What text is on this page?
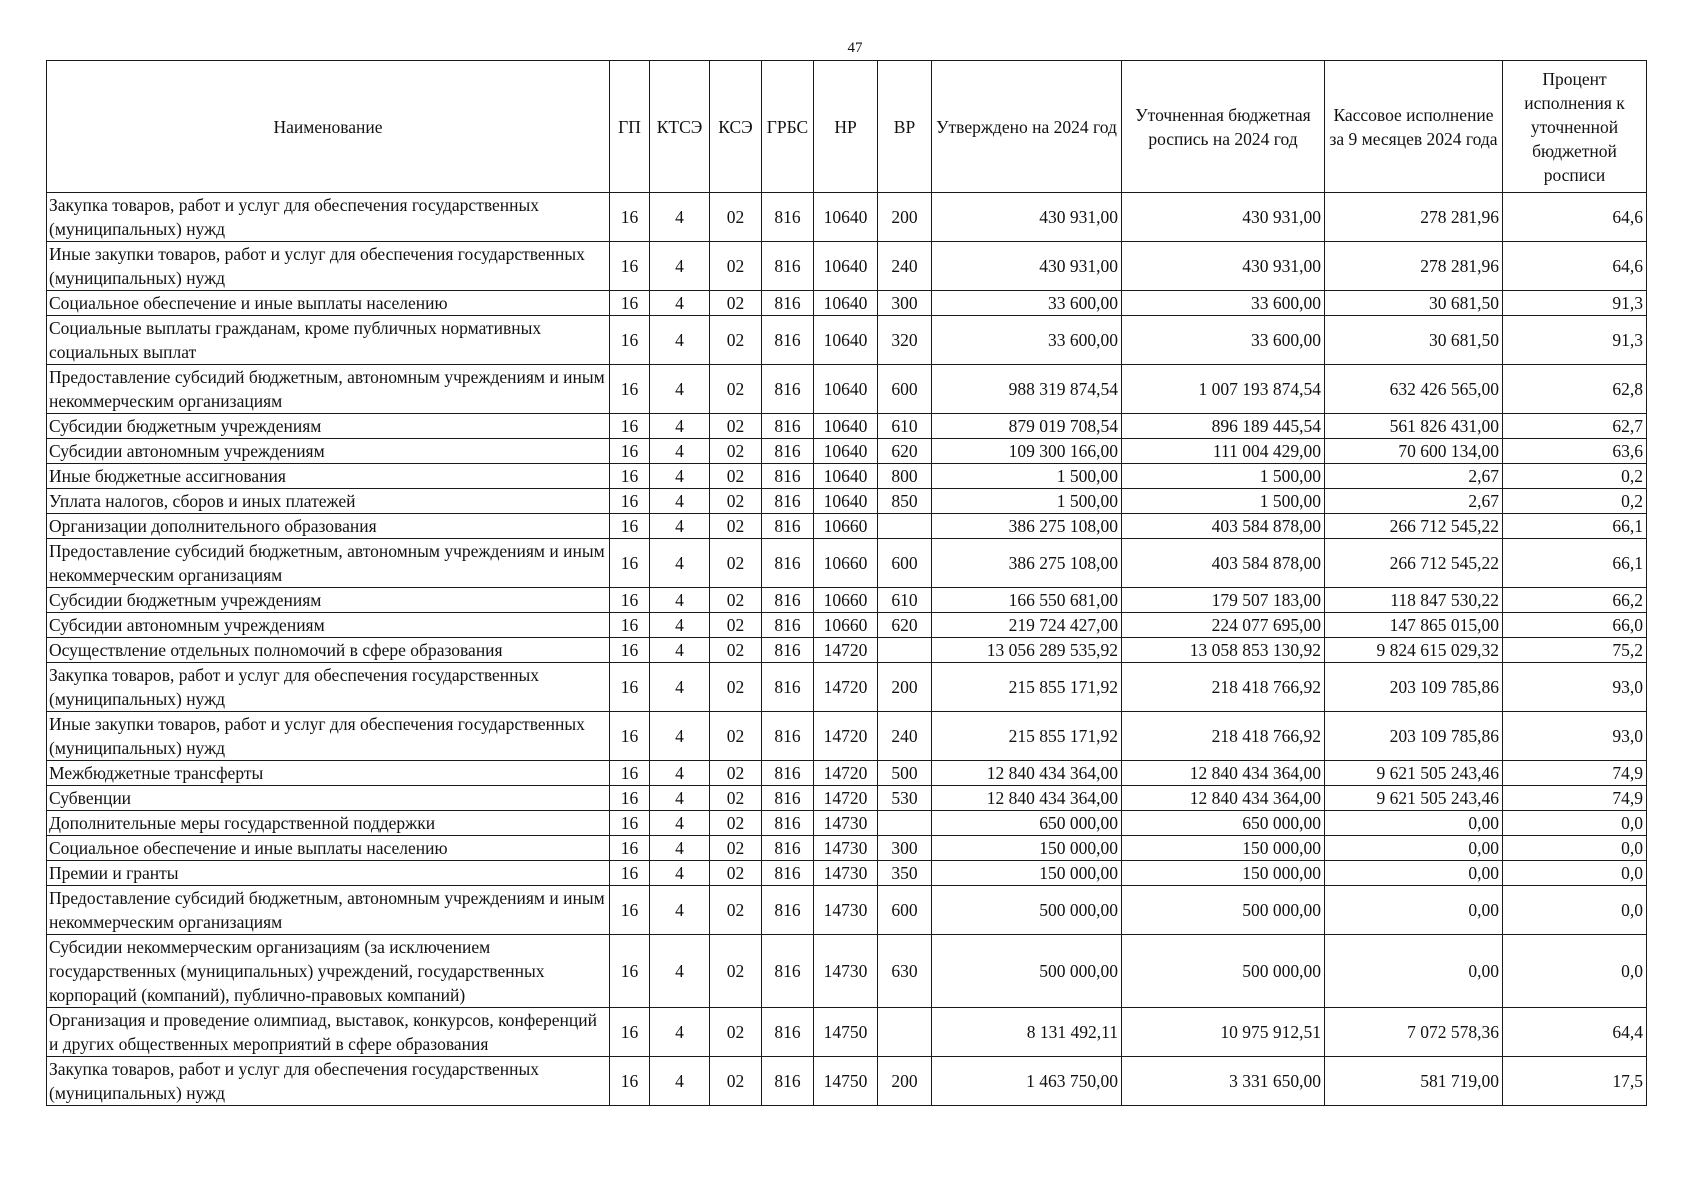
47
Наименование	ГП	КТСЭ	КСЭ	ГРБС	НР	ВР	Утверждено на 2024 год	Уточненная бюджетная роспись на 2024 год	Кассовое исполнение за 9 месяцев 2024 года	Процент исполнения к уточненной бюджетной росписи
Закупка товаров, работ и услуг для обеспечения государственных (муниципальных) нужд	16	4	02	816	10640	200	430 931,00	430 931,00	278 281,96	64,6
Иные закупки товаров, работ и услуг для обеспечения государственных (муниципальных) нужд	16	4	02	816	10640	240	430 931,00	430 931,00	278 281,96	64,6
Социальное обеспечение и иные выплаты населению	16	4	02	816	10640	300	33 600,00	33 600,00	30 681,50	91,3
Социальные выплаты гражданам, кроме публичных нормативных социальных выплат	16	4	02	816	10640	320	33 600,00	33 600,00	30 681,50	91,3
Предоставление субсидий бюджетным, автономным учреждениям и иным некоммерческим организациям	16	4	02	816	10640	600	988 319 874,54	1 007 193 874,54	632 426 565,00	62,8
Субсидии бюджетным учреждениям	16	4	02	816	10640	610	879 019 708,54	896 189 445,54	561 826 431,00	62,7
Субсидии автономным учреждениям	16	4	02	816	10640	620	109 300 166,00	111 004 429,00	70 600 134,00	63,6
Иные бюджетные ассигнования	16	4	02	816	10640	800	1 500,00	1 500,00	2,67	0,2
Уплата налогов, сборов и иных платежей	16	4	02	816	10640	850	1 500,00	1 500,00	2,67	0,2
Организации дополнительного образования	16	4	02	816	10660		386 275 108,00	403 584 878,00	266 712 545,22	66,1
Предоставление субсидий бюджетным, автономным учреждениям и иным некоммерческим организациям	16	4	02	816	10660	600	386 275 108,00	403 584 878,00	266 712 545,22	66,1
Субсидии бюджетным учреждениям	16	4	02	816	10660	610	166 550 681,00	179 507 183,00	118 847 530,22	66,2
Субсидии автономным учреждениям	16	4	02	816	10660	620	219 724 427,00	224 077 695,00	147 865 015,00	66,0
Осуществление отдельных полномочий в сфере образования	16	4	02	816	14720		13 056 289 535,92	13 058 853 130,92	9 824 615 029,32	75,2
Закупка товаров, работ и услуг для обеспечения государственных (муниципальных) нужд	16	4	02	816	14720	200	215 855 171,92	218 418 766,92	203 109 785,86	93,0
Иные закупки товаров, работ и услуг для обеспечения государственных (муниципальных) нужд	16	4	02	816	14720	240	215 855 171,92	218 418 766,92	203 109 785,86	93,0
Межбюджетные трансферты	16	4	02	816	14720	500	12 840 434 364,00	12 840 434 364,00	9 621 505 243,46	74,9
Субвенции	16	4	02	816	14720	530	12 840 434 364,00	12 840 434 364,00	9 621 505 243,46	74,9
Дополнительные меры государственной поддержки	16	4	02	816	14730		650 000,00	650 000,00	0,00	0,0
Социальное обеспечение и иные выплаты населению	16	4	02	816	14730	300	150 000,00	150 000,00	0,00	0,0
Премии и гранты	16	4	02	816	14730	350	150 000,00	150 000,00	0,00	0,0
Предоставление субсидий бюджетным, автономным учреждениям и иным некоммерческим организациям	16	4	02	816	14730	600	500 000,00	500 000,00	0,00	0,0
Субсидии некоммерческим организациям (за исключением государственных (муниципальных) учреждений, государственных корпораций (компаний), публично-правовых компаний)	16	4	02	816	14730	630	500 000,00	500 000,00	0,00	0,0
Организация и проведение олимпиад, выставок, конкурсов, конференций и других общественных мероприятий в сфере образования	16	4	02	816	14750		8 131 492,11	10 975 912,51	7 072 578,36	64,4
Закупка товаров, работ и услуг для обеспечения государственных (муниципальных) нужд	16	4	02	816	14750	200	1 463 750,00	3 331 650,00	581 719,00	17,5
